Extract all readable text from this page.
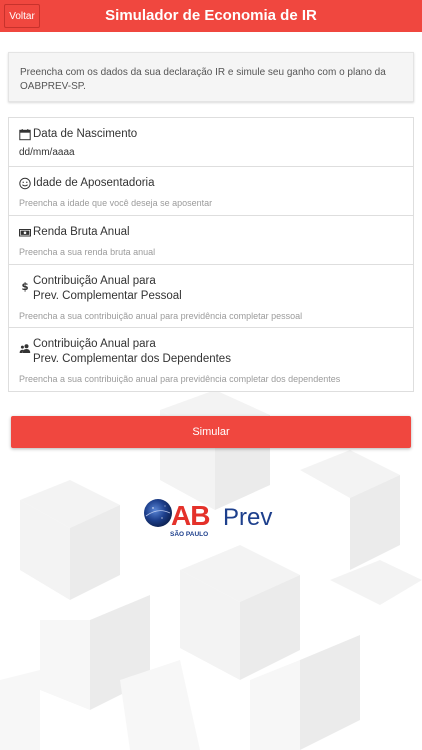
Simulador de Economia de IR
Voltar
Preencha com os dados da sua declaração IR e simule seu ganho com o plano da OABPREV-SP.
Data de Nascimento
dd/mm/aaaa
Idade de Aposentadoria
Preencha a idade que você deseja se aposentar
Renda Bruta Anual
Preencha a sua renda bruta anual
$
Contribuição Anual para
Prev. Complementar Pessoal
Preencha a sua contribuição anual para previdência completar pessoal
Contribuição Anual para
Prev. Complementar dos Dependentes
Preencha a sua contribuição anual para previdência completar dos dependentes
Simular
AB
SÃO PAULO
Prev
